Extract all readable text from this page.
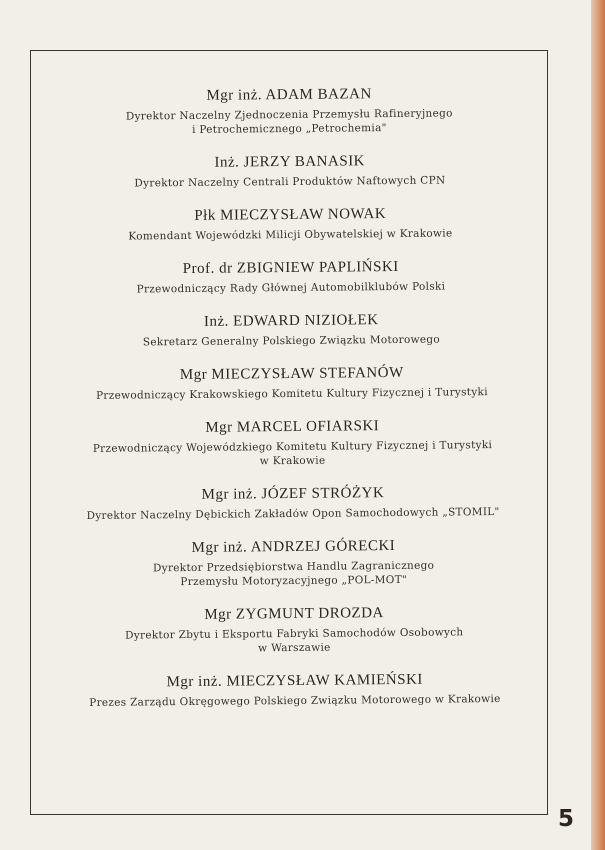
Mgr inż. ADAM BAZAN
Dyrektor Naczelny Zjednoczenia Przemysłu Rafineryjnego
i Petrochemicznego „Petrochemia"
Inż. JERZY BANASIK
Dyrektor Naczelny Centrali Produktów Naftowych CPN
Płk MIECZYSŁAW NOWAK
Komendant Wojewódzki Milicji Obywatelskiej w Krakowie
Prof. dr ZBIGNIEW PAPLIŃSKI
Przewodniczący Rady Głównej Automobilklubów Polski
Inż. EDWARD NIZIOŁEK
Sekretarz Generalny Polskiego Związku Motorowego
Mgr MIECZYSŁAW STEFANÓW
Przewodniczący Krakowskiego Komitetu Kultury Fizycznej i Turystyki
Mgr MARCEL OFIARSKI
Przewodniczący Wojewódzkiego Komitetu Kultury Fizycznej i Turystyki
w Krakowie
Mgr inż. JÓZEF STRÓŻYK
Dyrektor Naczelny Dębickich Zakładów Opon Samochodowych „STOMIL"
Mgr inż. ANDRZEJ GÓRECKI
Dyrektor Przedsiębiorstwa Handlu Zagranicznego
Przemysłu Motoryzacyjnego „POL-MOT"
Mgr ZYGMUNT DROZDA
Dyrektor Zbytu i Eksportu Fabryki Samochodów Osobowych
w Warszawie
Mgr inż. MIECZYSŁAW KAMIEŃSKI
Prezes Zarządu Okręgowego Polskiego Związku Motorowego w Krakowie
5
